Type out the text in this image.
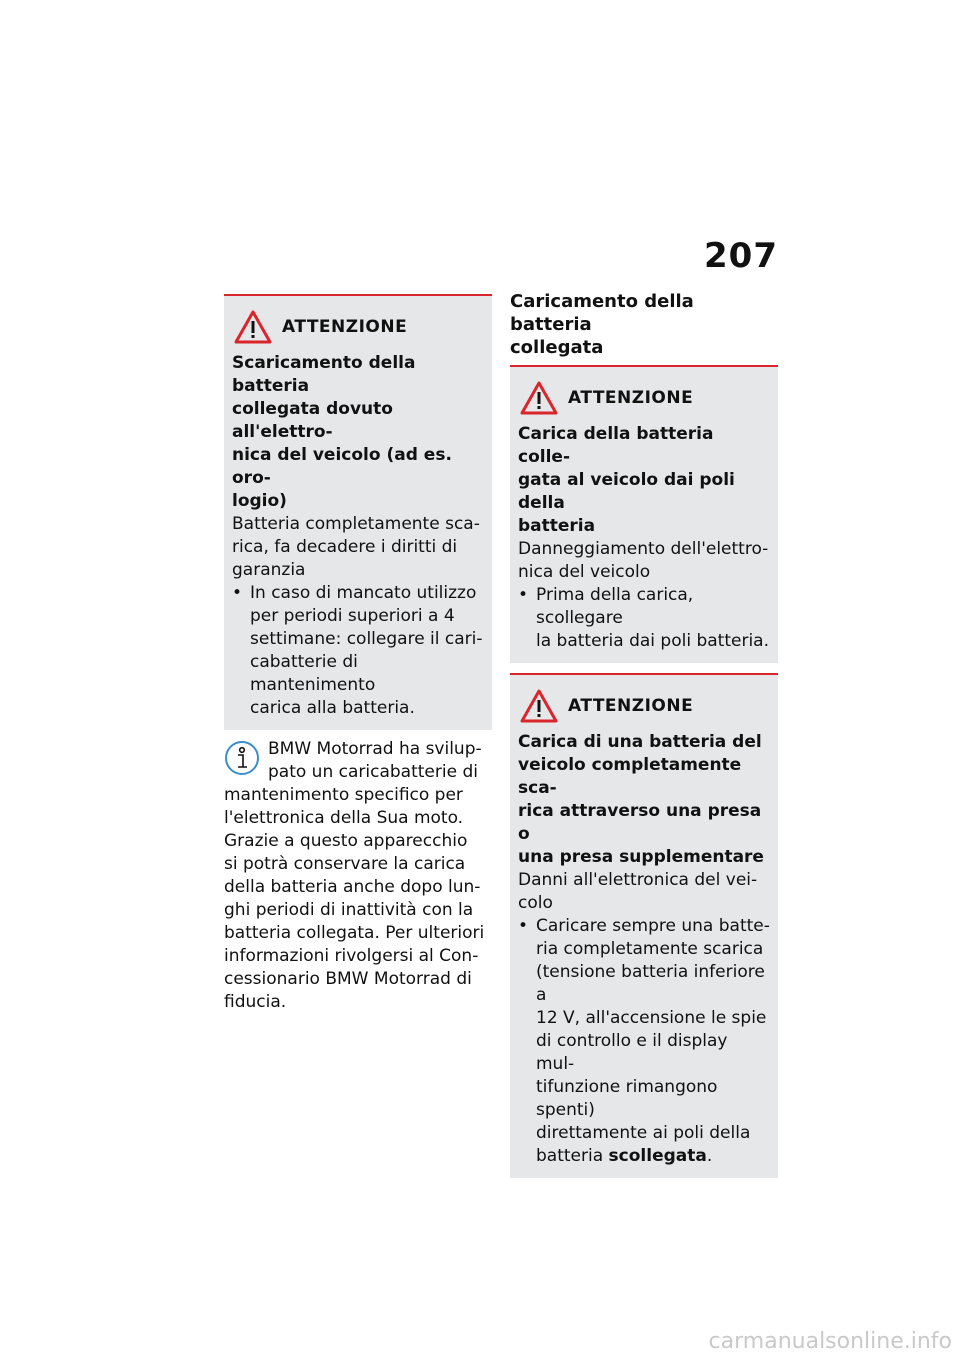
207
ATTENZIONE
Scaricamento della batteria
collegata dovuto all'elettro-
nica del veicolo (ad es. oro-
logio)
Batteria completamente sca-
rica, fa decadere i diritti di
garanzia
• In caso di mancato utilizzo
per periodi superiori a 4
settimane: collegare il cari-
cabatterie di mantenimento
carica alla batteria.
BMW Motorrad ha svilup-
pato un caricabatterie di
mantenimento specifico per
l'elettronica della Sua moto.
Grazie a questo apparecchio
si potrà conservare la carica
della batteria anche dopo lun-
ghi periodi di inattività con la
batteria collegata. Per ulteriori
informazioni rivolgersi al Con-
cessionario BMW Motorrad di
fiducia.
Caricamento della batteria
collegata
ATTENZIONE
Carica della batteria colle-
gata al veicolo dai poli della
batteria
Danneggiamento dell'elettro-
nica del veicolo
• Prima della carica, scollegare
la batteria dai poli batteria.
ATTENZIONE
Carica di una batteria del
veicolo completamente sca-
rica attraverso una presa o
una presa supplementare
Danni all'elettronica del vei-
colo
• Caricare sempre una batte-
ria completamente scarica
(tensione batteria inferiore a
12 V, all'accensione le spie
di controllo e il display mul-
tifunzione rimangono spenti)
direttamente ai poli della
batteria scollegata.
carmanualsonline.info
